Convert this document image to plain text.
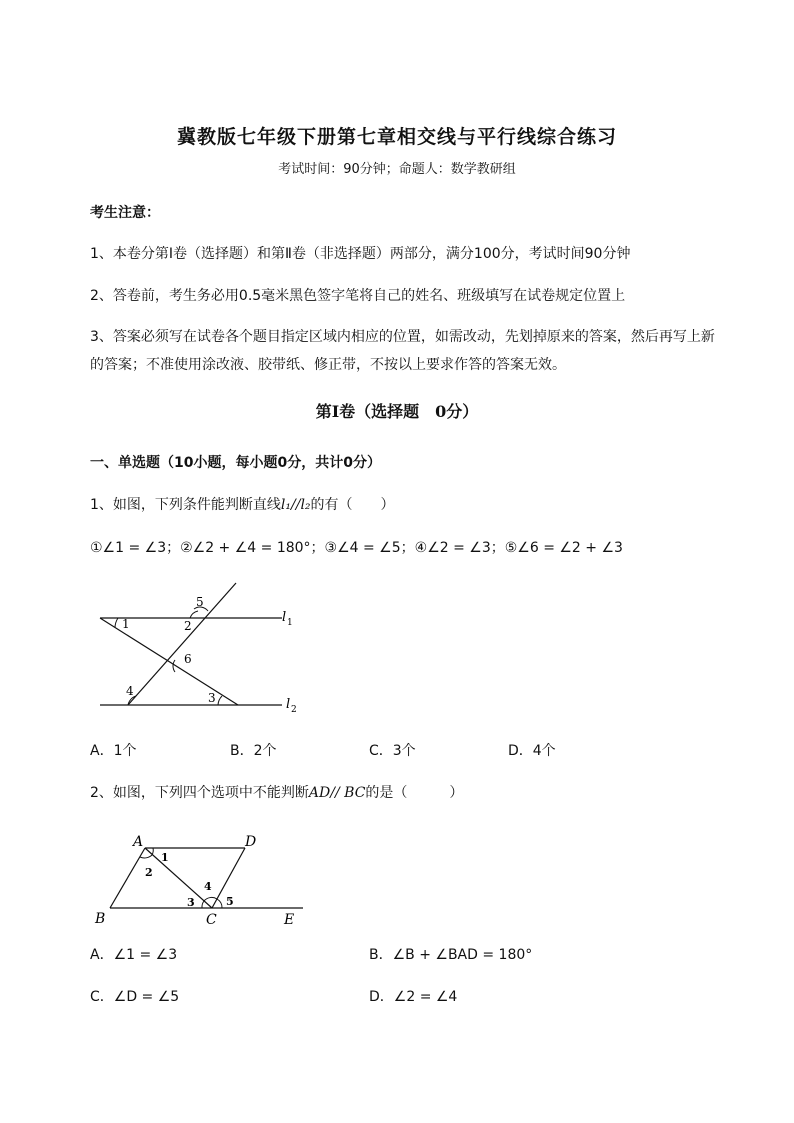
冀教版七年级下册第七章相交线与平行线综合练习
考试时间：90分钟；命题人：数学教研组
考生注意：
1、本卷分第I卷（选择题）和第Ⅱ卷（非选择题）两部分，满分100分，考试时间90分钟
2、答卷前，考生务必用0.5毫米黑色签字笔将自己的姓名、班级填写在试卷规定位置上
3、答案必须写在试卷各个题目指定区域内相应的位置，如需改动，先划掉原来的答案，然后再写上新
的答案；不准使用涂改液、胶带纸、修正带，不按以上要求作答的答案无效。
第I卷（选择题　0分）
一、单选题（10小题，每小题0分，共计0分）
1、如图，下列条件能判断直线l₁//l₂的有（　　）
①∠1 = ∠3；②∠2 + ∠4 = 180°；③∠4 = ∠5；④∠2 = ∠3；⑤∠6 = ∠2 + ∠3
1	2
3
4
5
6
l 1
l 2
A．1个	B．2个	C．3个	D．4个
2、如图，下列四个选项中不能判断AD// BC的是（　　　）
A	D
B	C	E
1
2
3
4
5
A．∠1 = ∠3	B．∠B + ∠BAD = 180°
C．∠D = ∠5	D．∠2 = ∠4
